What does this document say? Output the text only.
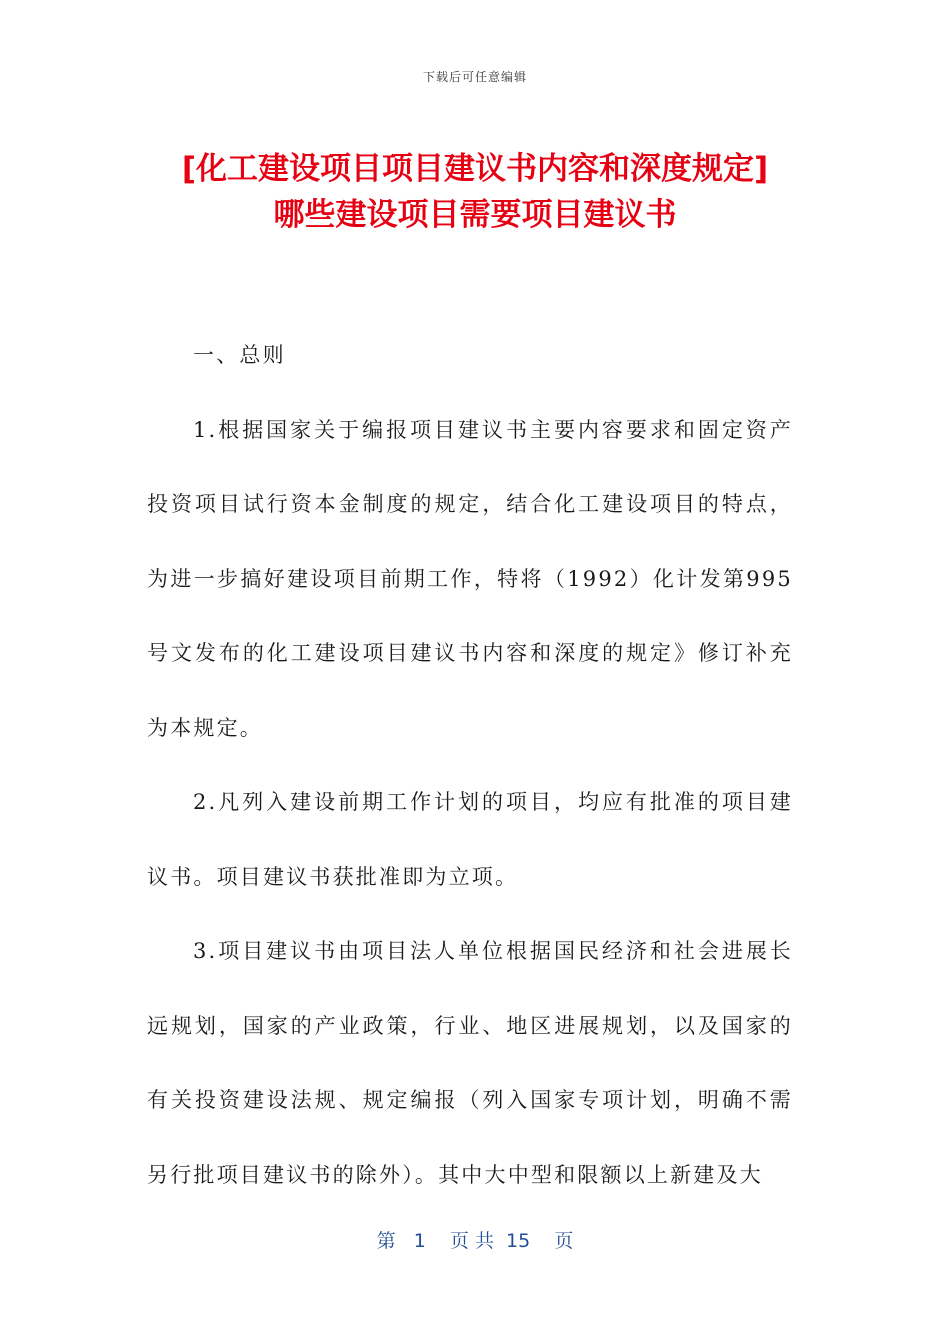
下载后可任意编辑
[化工建设项目项目建议书内容和深度规定]
哪些建设项目需要项目建议书

一、总则

1.根据国家关于编报项目建议书主要内容要求和固定资产投资项目试行资本金制度的规定，结合化工建设项目的特点，为进一步搞好建设项目前期工作，特将（1992）化计发第995号文发布的化工建设项目建议书内容和深度的规定》修订补充为本规定。

2.凡列入建设前期工作计划的项目，均应有批准的项目建议书。项目建议书获批准即为立项。

3.项目建议书由项目法人单位根据国民经济和社会进展长远规划，国家的产业政策，行业、地区进展规划，以及国家的有关投资建设法规、规定编报（列入国家专项计划，明确不需另行批项目建议书的除外）。其中大中型和限额以上新建及大

第   1    页 共  15    页
